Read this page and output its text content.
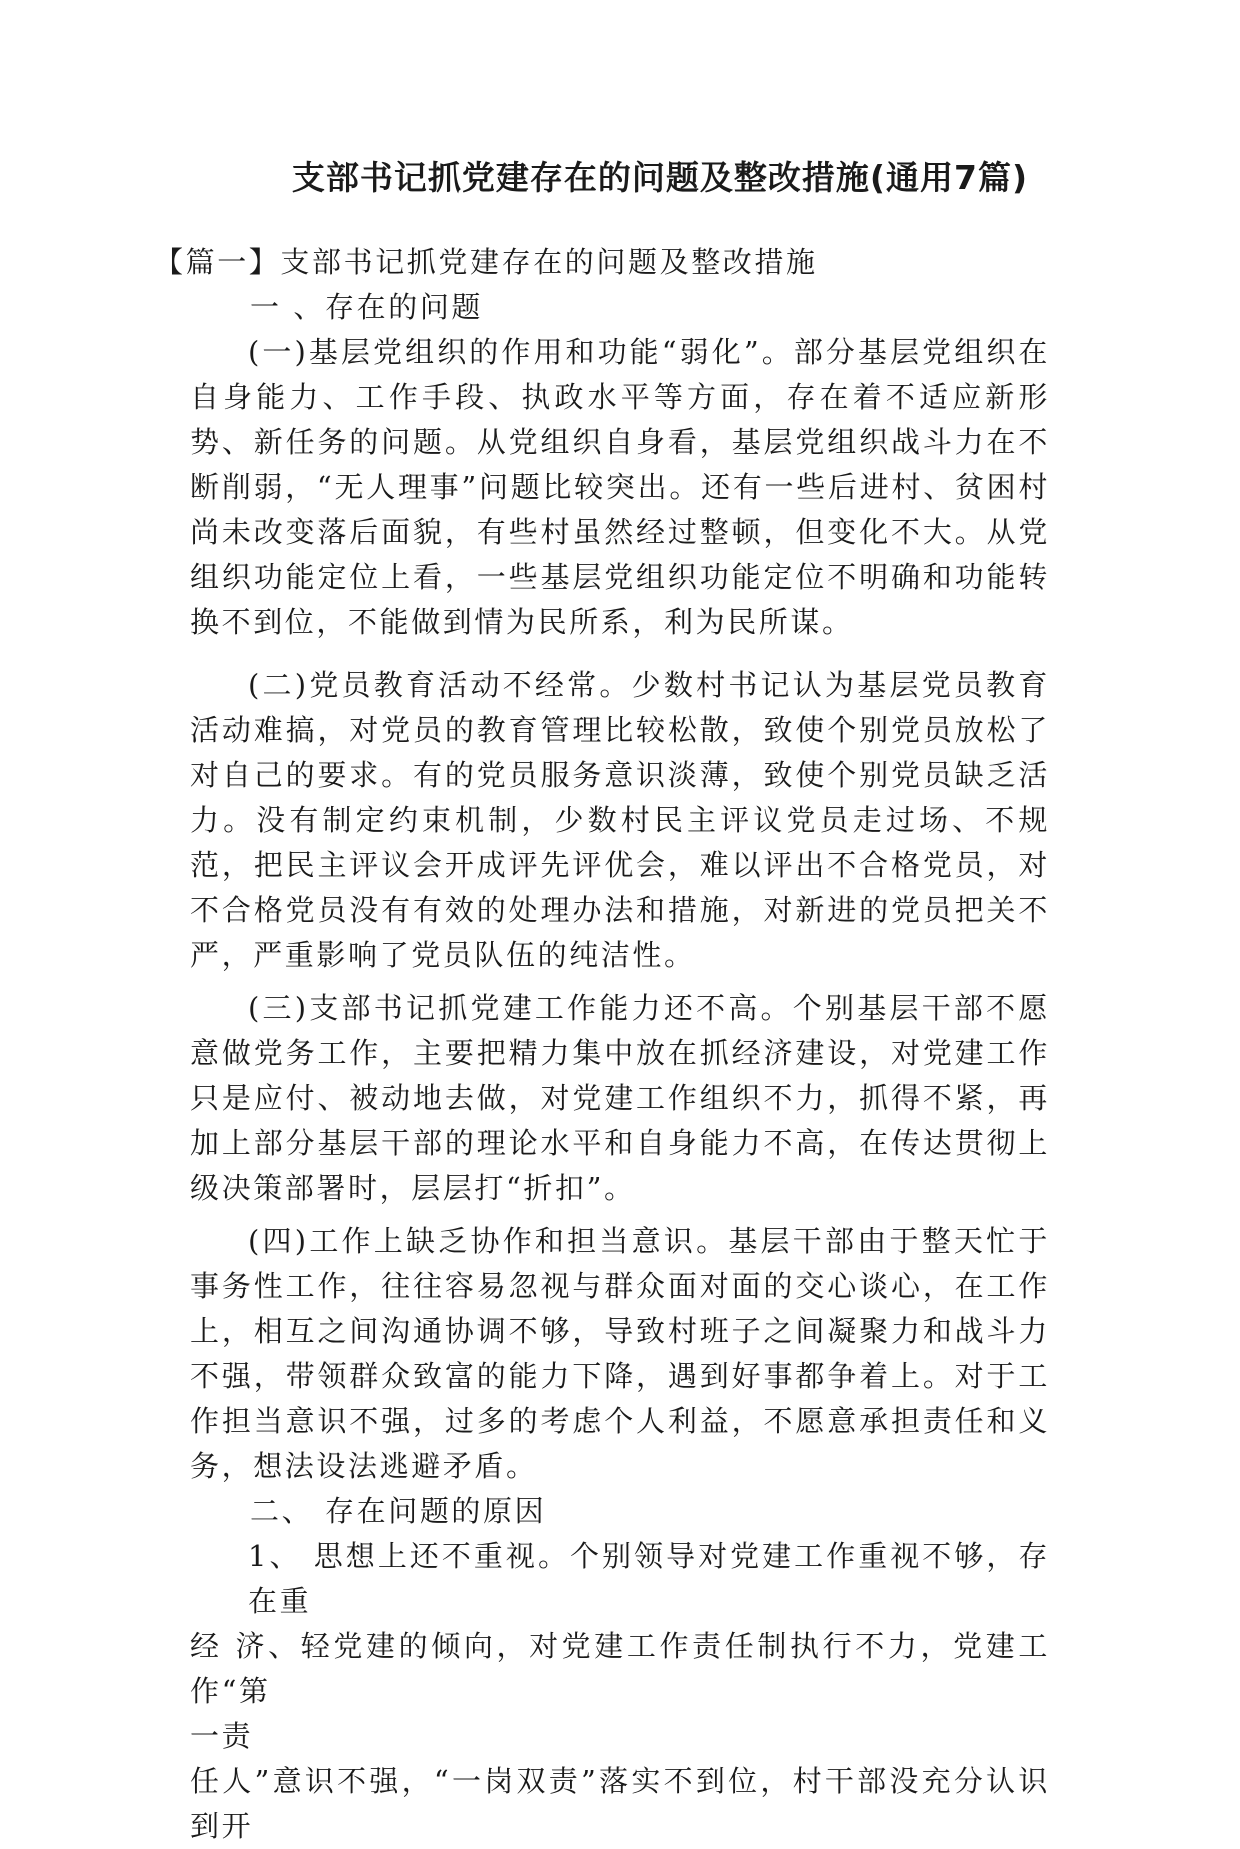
支部书记抓党建存在的问题及整改措施(通用7篇)

【篇一】支部书记抓党建存在的问题及整改措施

一 、存在的问题

(一)基层党组织的作用和功能“弱化”。部分基层党组织在自身能力、工作手段、执政水平等方面，存在着不适应新形势、新任务的问题。从党组织自身看，基层党组织战斗力在不断削弱，“无人理事”问题比较突出。还有一些后进村、贫困村尚未改变落后面貌，有些村虽然经过整顿，但变化不大。从党组织功能定位上看，一些基层党组织功能定位不明确和功能转换不到位，不能做到情为民所系，利为民所谋。

(二)党员教育活动不经常。少数村书记认为基层党员教育活动难搞，对党员的教育管理比较松散，致使个别党员放松了对自己的要求。有的党员服务意识淡薄，致使个别党员缺乏活力。没有制定约束机制，少数村民主评议党员走过场、不规范，把民主评议会开成评先评优会，难以评出不合格党员，对不合格党员没有有效的处理办法和措施，对新进的党员把关不严，严重影响了党员队伍的纯洁性。

(三)支部书记抓党建工作能力还不高。个别基层干部不愿意做党务工作，主要把精力集中放在抓经济建设，对党建工作只是应付、被动地去做，对党建工作组织不力，抓得不紧，再加上部分基层干部的理论水平和自身能力不高，在传达贯彻上级决策部署时，层层打“折扣”。

(四)工作上缺乏协作和担当意识。基层干部由于整天忙于事务性工作，往往容易忽视与群众面对面的交心谈心，在工作上，相互之间沟通协调不够，导致村班子之间凝聚力和战斗力不强，带领群众致富的能力下降，遇到好事都争着上。对于工作担当意识不强，过多的考虑个人利益，不愿意承担责任和义务，想法设法逃避矛盾。

二、 存在问题的原因

1、 思想上还不重视。个别领导对党建工作重视不够，存在重

经 济、轻党建的倾向，对党建工作责任制执行不力，党建工作“第

一责

任人”意识不强，“一岗双责”落实不到位，村干部没充分认识到开
